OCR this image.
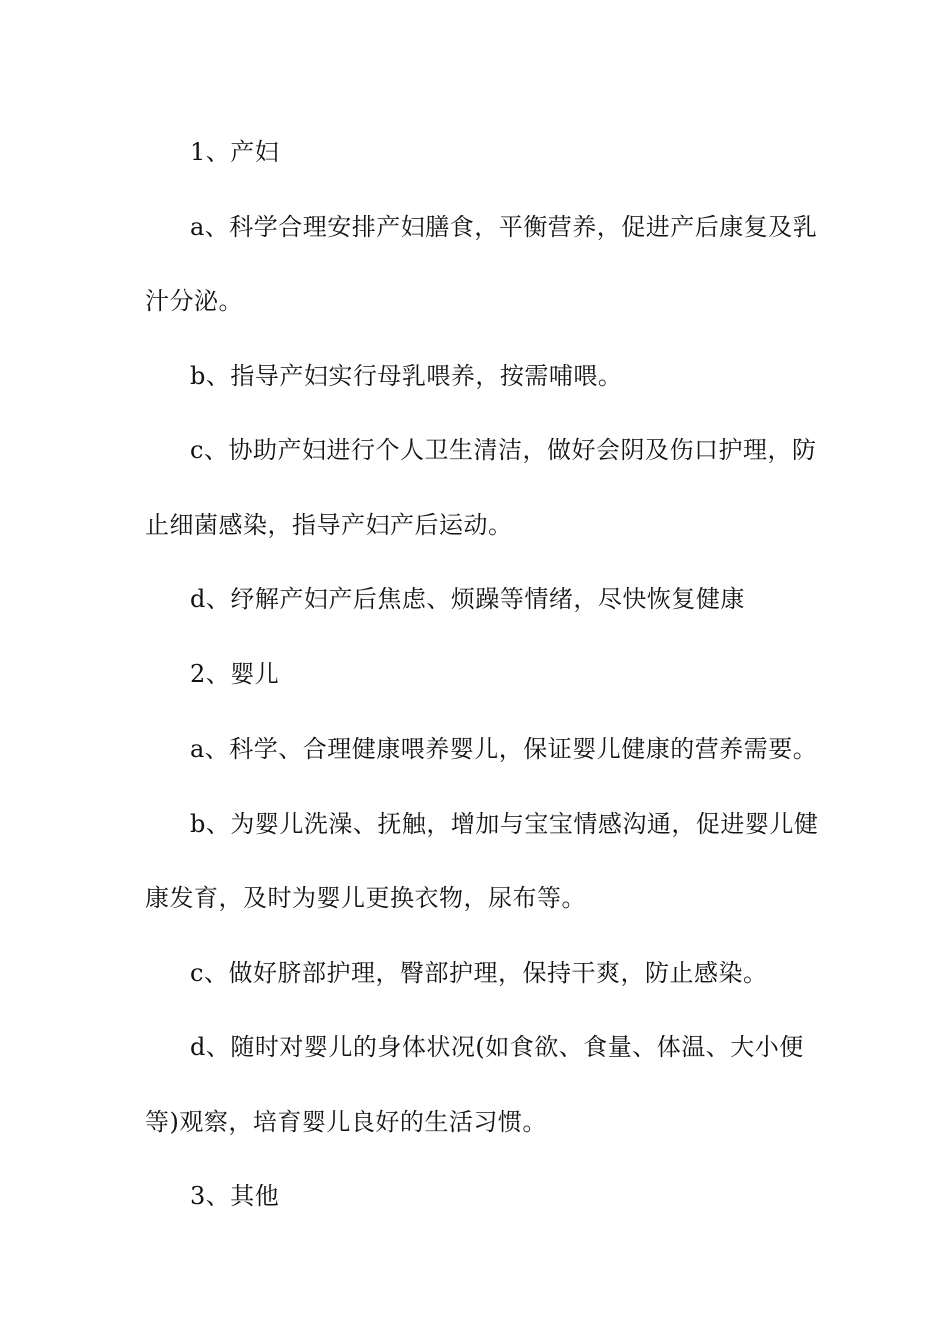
1、产妇
a、科学合理安排产妇膳食，平衡营养，促进产后康复及乳
汁分泌。
b、指导产妇实行母乳喂养，按需哺喂。
c、协助产妇进行个人卫生清洁，做好会阴及伤口护理，防
止细菌感染，指导产妇产后运动。
d、纾解产妇产后焦虑、烦躁等情绪，尽快恢复健康
2、婴儿
a、科学、合理健康喂养婴儿，保证婴儿健康的营养需要。
b、为婴儿洗澡、抚触，增加与宝宝情感沟通，促进婴儿健
康发育，及时为婴儿更换衣物，尿布等。
c、做好脐部护理，臀部护理，保持干爽，防止感染。
d、随时对婴儿的身体状况(如食欲、食量、体温、大小便
等)观察，培育婴儿良好的生活习惯。
3、其他
